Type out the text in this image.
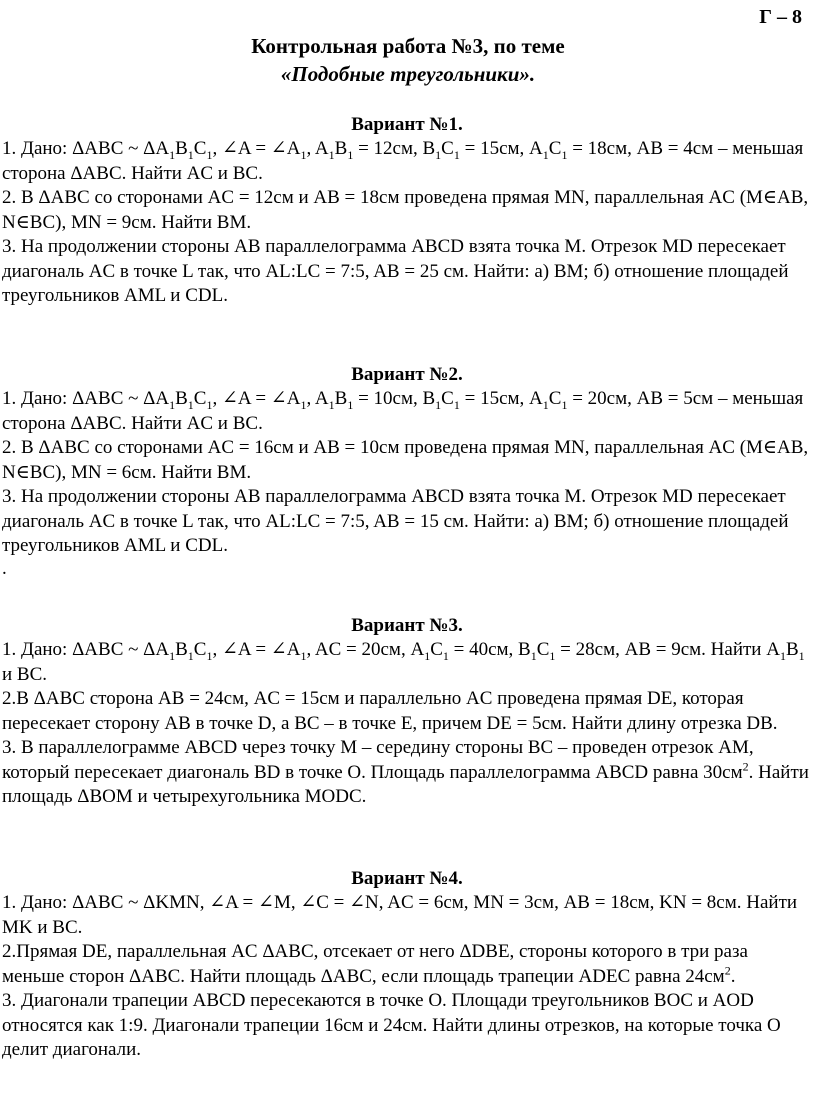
Г – 8
Контрольная работа №3, по теме
«Подобные треугольники».

Вариант №1.

1. Дано: ΔABC ~ $\Delta A_1B_1C_1$, ∠A = $\angle A_1$, $A_1B_1 = 12см$, $B_1C_1 = 15см$, $A_1C_1 = 18см$, AB = 4см – меньшая сторона ΔABC. Найти AC и BC.

2. В ΔABC со сторонами AC = 12см и AB = 18см проведена прямая MN, параллельная AC (M∈AB, N∈BC), MN = 9см. Найти BM.

3. На продолжении стороны AB параллелограмма ABCD взята точка M. Отрезок MD пересекает диагональ AC в точке L так, что AL:LC = 7:5, AB = 25 см. Найти: а) BM; б) отношение площадей треугольников AML и CDL.

Вариант №2.

1. Дано: ΔABC ~ $\Delta A_1B_1C_1$, ∠A = $\angle A_1$, $A_1B_1 = 10см$, $B_1C_1 = 15см$, $A_1C_1 = 20см$, AB = 5см – меньшая сторона ΔABC. Найти AC и BC.

2. В ΔABC со сторонами AC = 16см и AB = 10см проведена прямая MN, параллельная AC (M∈AB, N∈BC), MN = 6см. Найти BM.

3. На продолжении стороны AB параллелограмма ABCD взята точка M. Отрезок MD пересекает диагональ AC в точке L так, что AL:LC = 7:5, AB = 15 см. Найти: а) BM; б) отношение площадей треугольников AML и CDL.

.

Вариант №3.

1. Дано: ΔABC ~ $\Delta A_1B_1C_1$, ∠A = $\angle A_1$, AC = 20см, $A_1C_1 = 40см$, $B_1C_1 = 28см$, AB = 9см. Найти $A_1B_1$ и BC.

2.В ΔABC сторона AB = 24см, AC = 15см и параллельно AC проведена прямая DE, которая пересекает сторону AB в точке D, а BC – в точке E, причем DE = 5см. Найти длину отрезка DB.

3. В параллелограмме ABCD через точку M – середину стороны BC – проведен отрезок AM, который пересекает диагональ BD в точке O. Площадь параллелограмма ABCD равна $30см^2$. Найти площадь ΔBOM и четырехугольника MODC.

Вариант №4.

1. Дано: ΔABC ~ ΔKMN, ∠A = ∠M, ∠C = ∠N, AC = 6см, MN = 3см, AB = 18см, KN = 8см. Найти MK и BC.

2.Прямая DE, параллельная AC ΔABC, отсекает от него ΔDBE, стороны которого в три раза меньше сторон ΔABC. Найти площадь ΔABC, если площадь трапеции ADEC равна $24см^2$.

3. Диагонали трапеции ABCD пересекаются в точке O. Площади треугольников BOC и AOD относятся как 1:9. Диагонали трапеции 16см и 24см. Найти длины отрезков, на которые точка O делит диагонали.
